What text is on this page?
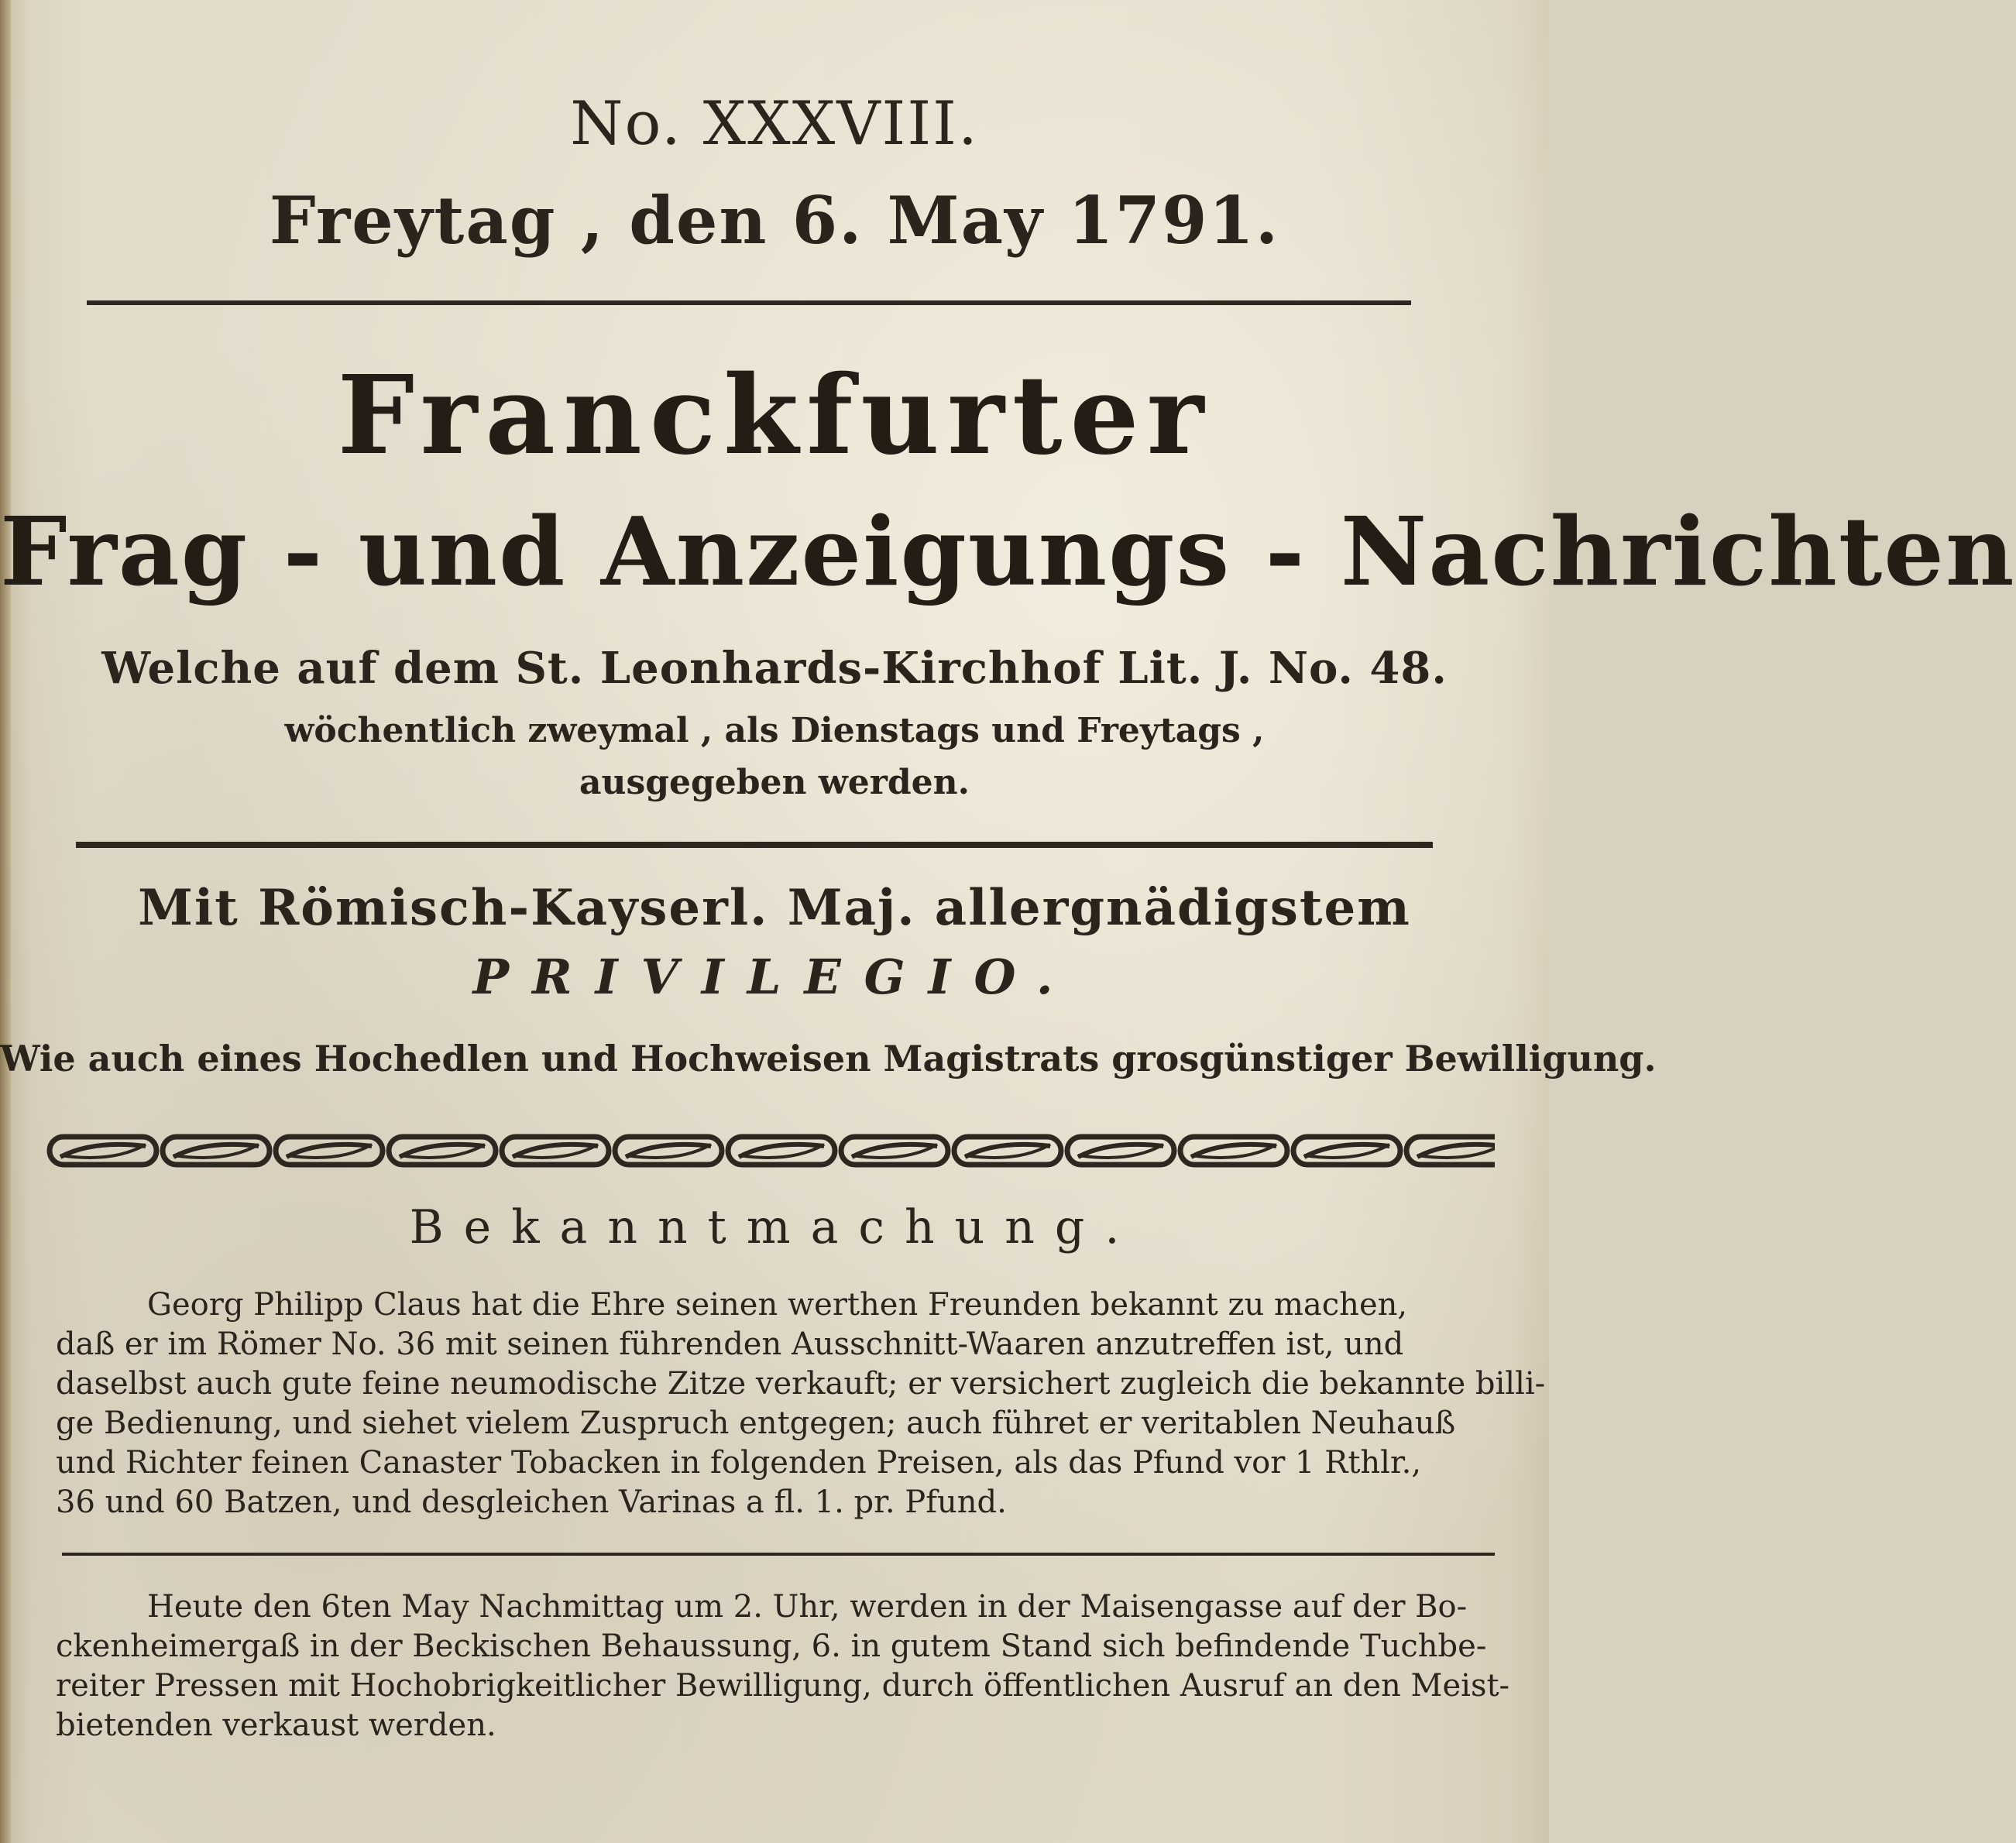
No. XXXVIII.
Freytag , den 6. May 1791.
Franckfurter
Frag - und Anzeigungs - Nachrichten
Welche auf dem St. Leonhards-Kirchhof Lit. J. No. 48.
wöchentlich zweymal , als Dienstags und Freytags ,
ausgegeben werden.
Mit Römisch-Kayserl. Maj. allergnädigstem
PRIVILEGIO.
Wie auch eines Hochedlen und Hochweisen Magistrats grosgünstiger Bewilligung.
Bekanntmachung.
Georg Philipp Claus hat die Ehre seinen werthen Freunden bekannt zu machen,
daß er im Römer No. 36 mit seinen führenden Ausschnitt-Waaren anzutreffen ist, und
daselbst auch gute feine neumodische Zitze verkauft; er versichert zugleich die bekannte billi-
ge Bedienung, und siehet vielem Zuspruch entgegen; auch führet er veritablen Neuhauß
und Richter feinen Canaster Tobacken in folgenden Preisen, als das Pfund vor 1 Rthlr.,
36 und 60 Batzen, und desgleichen Varinas a fl. 1. pr. Pfund.
Heute den 6ten May Nachmittag um 2. Uhr, werden in der Maisengasse auf der Bo-
ckenheimergaß in der Beckischen Behaussung, 6. in gutem Stand sich befindende Tuchbe-
reiter Pressen mit Hochobrigkeitlicher Bewilligung, durch öffentlichen Ausruf an den Meist-
bietenden verkaust werden.
